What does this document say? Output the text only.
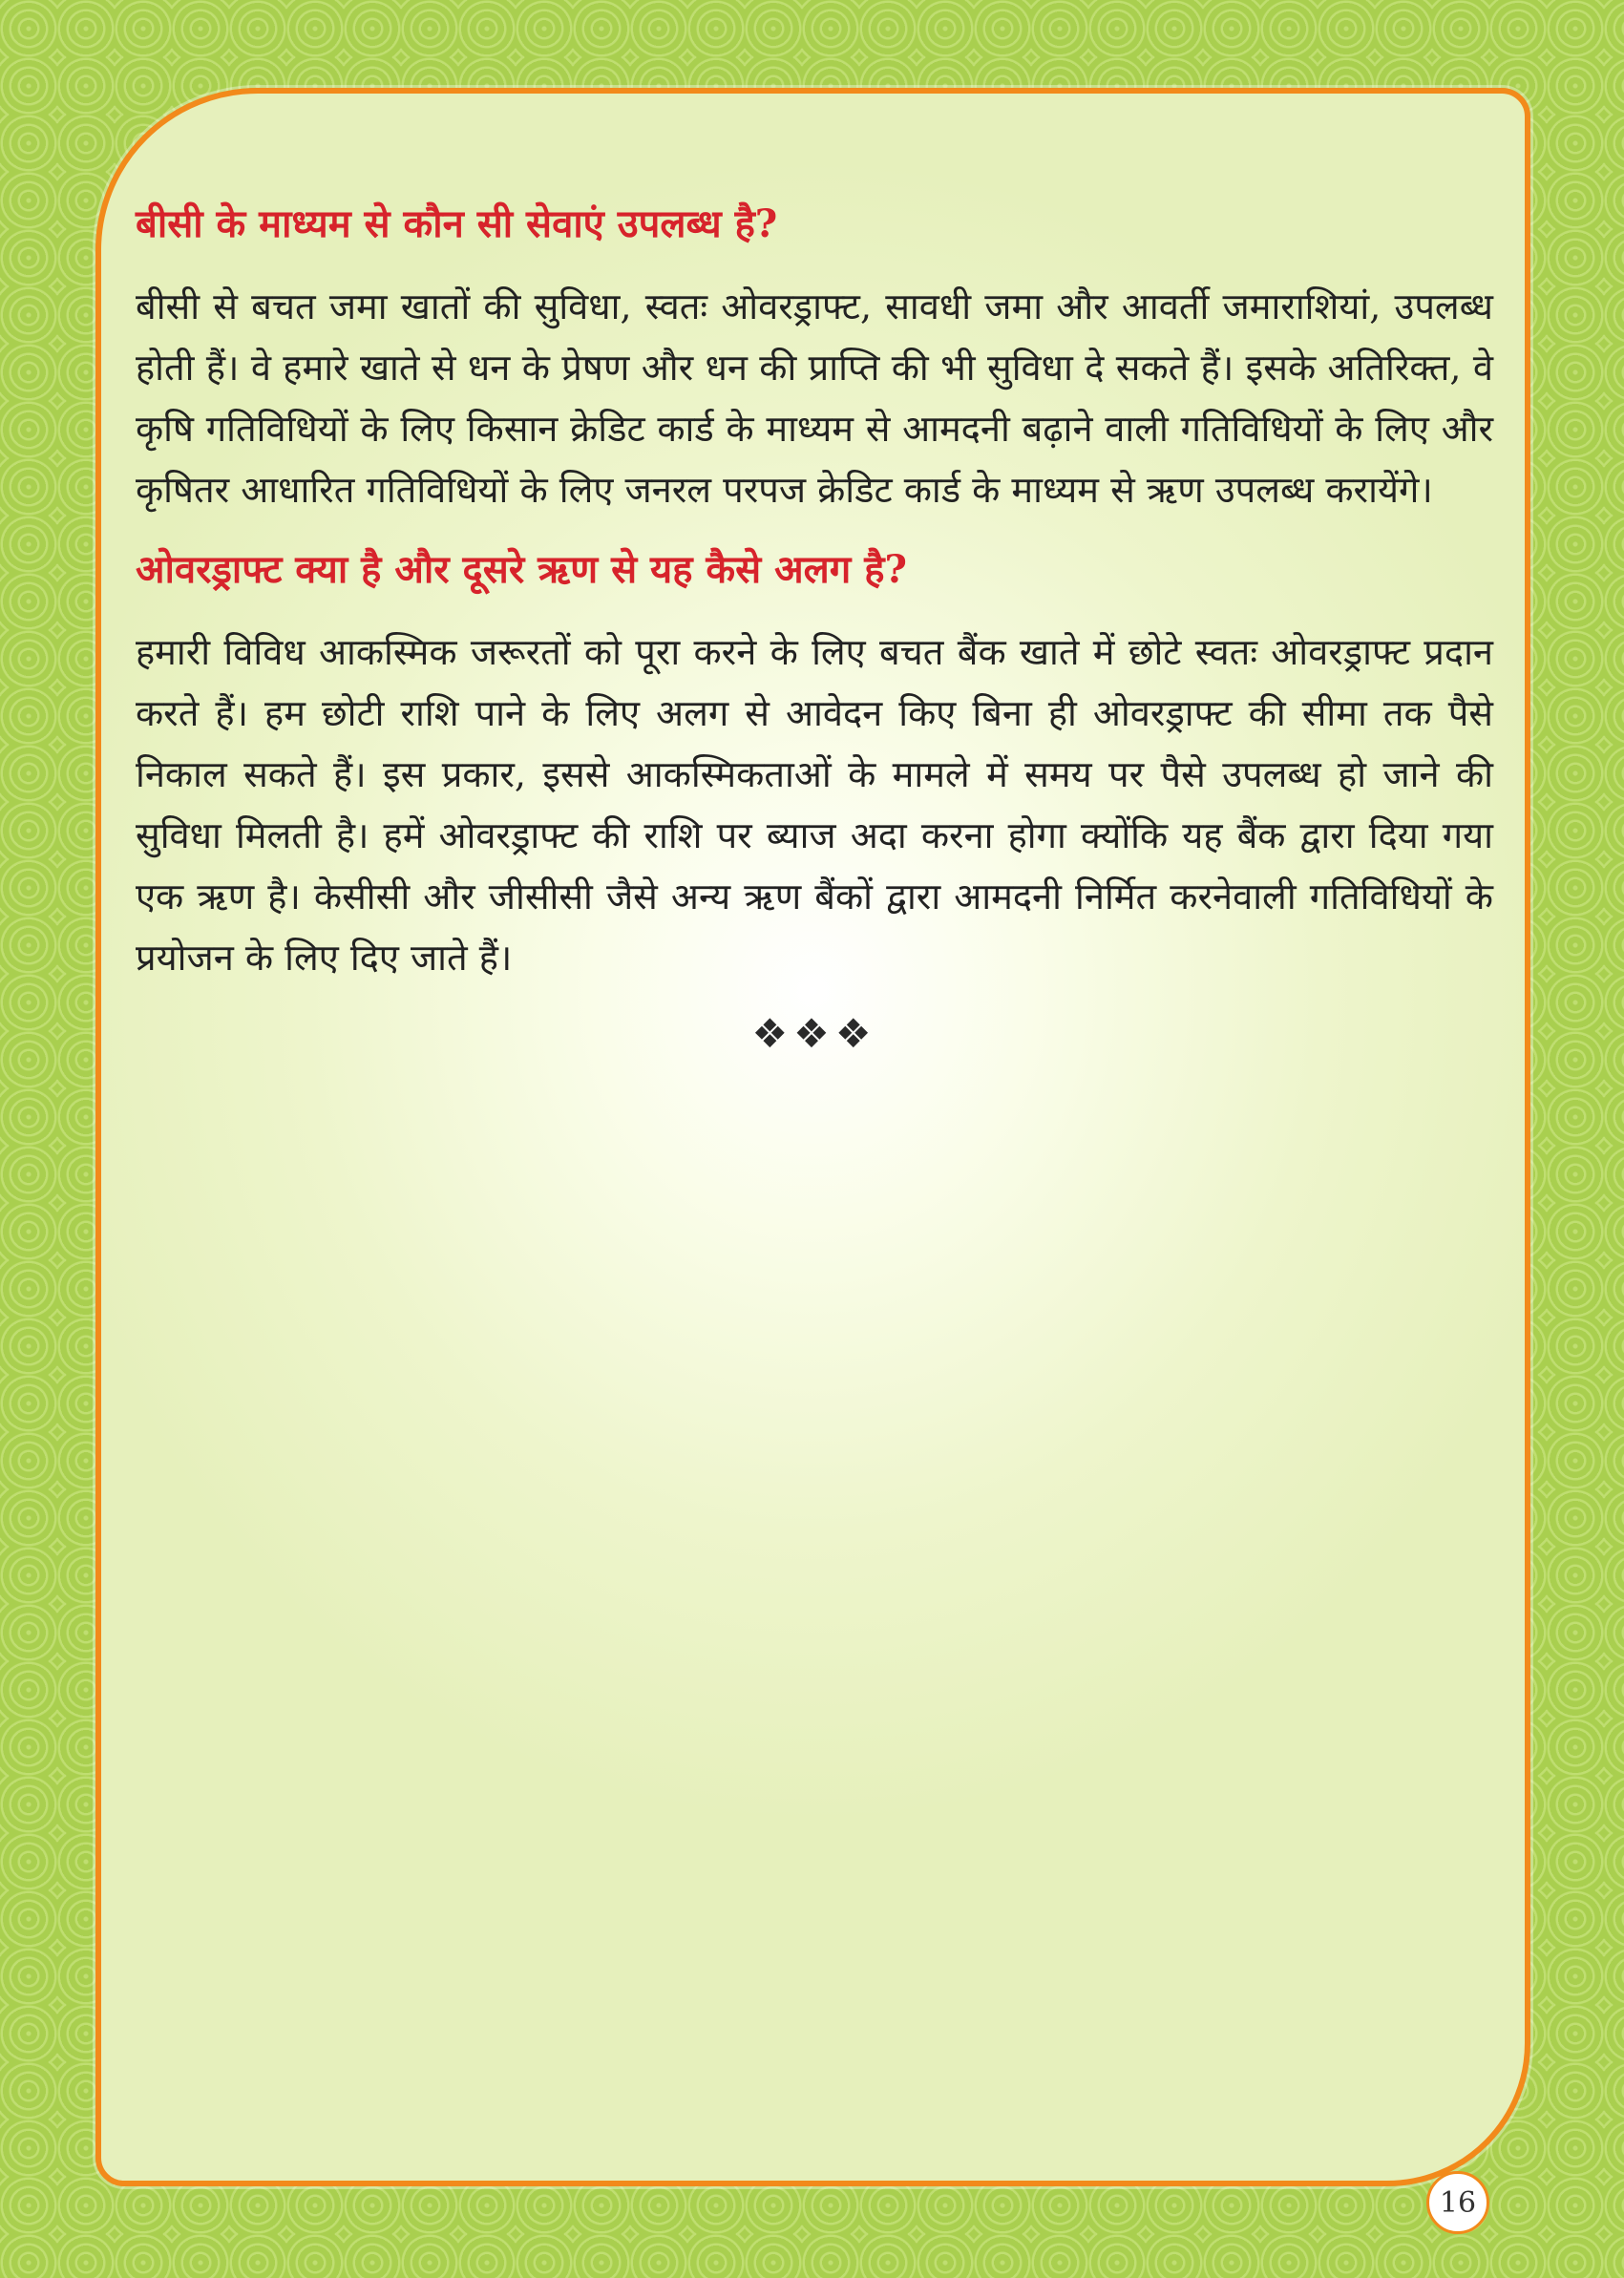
बीसी के माध्यम से कौन सी सेवाएं उपलब्ध है?

बीसी से बचत जमा खातों की सुविधा, स्वतः ओवरड्राफ्ट, सावधी जमा और आवर्ती जमाराशियां, उपलब्ध होती हैं। वे हमारे खाते से धन के प्रेषण और धन की प्राप्ति की भी सुविधा दे सकते हैं। इसके अतिरिक्त, वे कृषि गतिविधियों के लिए किसान क्रेडिट कार्ड के माध्यम से आमदनी बढ़ाने वाली गतिविधियों के लिए और कृषितर आधारित गतिविधियों के लिए जनरल परपज क्रेडिट कार्ड के माध्यम से ऋण उपलब्ध करायेंगे।

ओवरड्राफ्ट क्या है और दूसरे ऋण से यह कैसे अलग है?

हमारी विविध आकस्मिक जरूरतों को पूरा करने के लिए बचत बैंक खाते में छोटे स्वतः ओवरड्राफ्ट प्रदान करते हैं। हम छोटी राशि पाने के लिए अलग से आवेदन किए बिना ही ओवरड्राफ्ट की सीमा तक पैसे निकाल सकते हैं। इस प्रकार, इससे आकस्मिकताओं के मामले में समय पर पैसे उपलब्ध हो जाने की सुविधा मिलती है। हमें ओवरड्राफ्ट की राशि पर ब्याज अदा करना होगा क्योंकि यह बैंक द्वारा दिया गया एक ऋण है। केसीसी और जीसीसी जैसे अन्य ऋण बैंकों द्वारा आमदनी निर्मित करनेवाली गतिविधियों के प्रयोजन के लिए दिए जाते हैं।

❖❖❖
16
